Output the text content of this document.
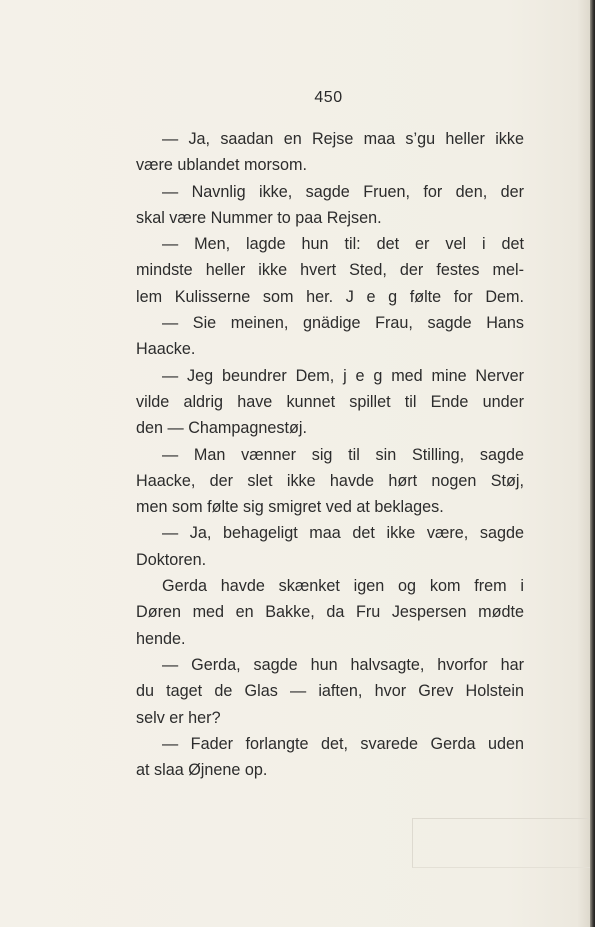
450
— Ja, saadan en Rejse maa s’gu heller ikke
være ublandet morsom.
— Navnlig ikke, sagde Fruen, for den, der
skal være Nummer to paa Rejsen.
— Men, lagde hun til: det er vel i det
mindste heller ikke hvert Sted, der festes mel-
lem Kulisserne som her. J e g følte for Dem.
— Sie meinen, gnädige Frau, sagde Hans
Haacke.
— Jeg beundrer Dem, j e g med mine Nerver
vilde aldrig have kunnet spillet til Ende under
den — Champagnestøj.
— Man vænner sig til sin Stilling, sagde
Haacke, der slet ikke havde hørt nogen Støj,
men som følte sig smigret ved at beklages.
— Ja, behageligt maa det ikke være, sagde
Doktoren.
Gerda havde skænket igen og kom frem i
Døren med en Bakke, da Fru Jespersen mødte
hende.
— Gerda, sagde hun halvsagte, hvorfor har
du taget de Glas — iaften, hvor Grev Holstein
selv er her?
— Fader forlangte det, svarede Gerda uden
at slaa Øjnene op.
